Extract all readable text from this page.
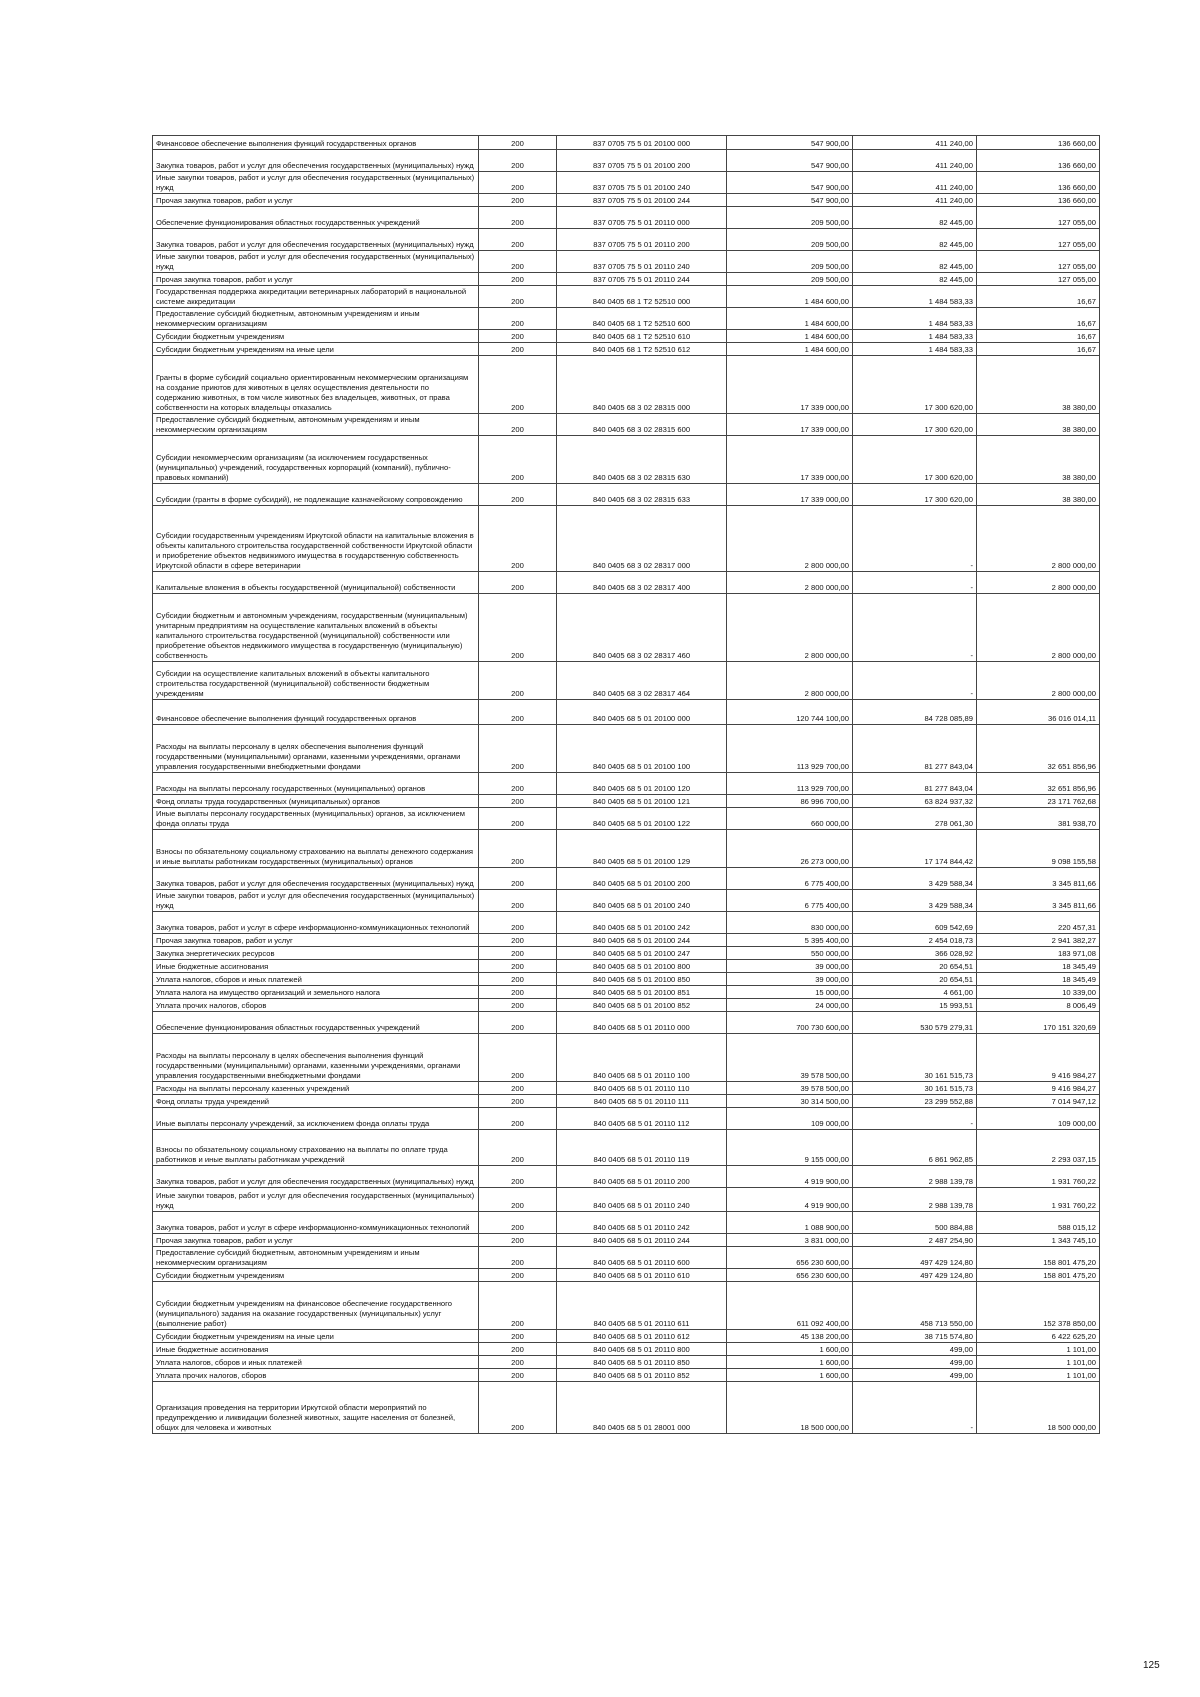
Финансовое обеспечение выполнения функций государственных органов	200	837 0705 75 5 01 20100 000	547 900,00	411 240,00	136 660,00
Закупка товаров, работ и услуг для обеспечения государственных (муниципальных) нужд	200	837 0705 75 5 01 20100 200	547 900,00	411 240,00	136 660,00
Иные закупки товаров, работ и услуг для обеспечения государственных (муниципальных) нужд	200	837 0705 75 5 01 20100 240	547 900,00	411 240,00	136 660,00
Прочая закупка товаров, работ и услуг	200	837 0705 75 5 01 20100 244	547 900,00	411 240,00	136 660,00
Обеспечение функционирования областных государственных учреждений	200	837 0705 75 5 01 20110 000	209 500,00	82 445,00	127 055,00
Закупка товаров, работ и услуг для обеспечения государственных (муниципальных) нужд	200	837 0705 75 5 01 20110 200	209 500,00	82 445,00	127 055,00
Иные закупки товаров, работ и услуг для обеспечения государственных (муниципальных) нужд	200	837 0705 75 5 01 20110 240	209 500,00	82 445,00	127 055,00
Прочая закупка товаров, работ и услуг	200	837 0705 75 5 01 20110 244	209 500,00	82 445,00	127 055,00
Государственная поддержка аккредитации ветеринарных лабораторий в национальной системе аккредитации	200	840 0405 68 1 Т2 52510 000	1 484 600,00	1 484 583,33	16,67
Предоставление субсидий бюджетным, автономным учреждениям и иным некоммерческим организациям	200	840 0405 68 1 Т2 52510 600	1 484 600,00	1 484 583,33	16,67
Субсидии бюджетным учреждениям	200	840 0405 68 1 Т2 52510 610	1 484 600,00	1 484 583,33	16,67
Субсидии бюджетным учреждениям на иные цели	200	840 0405 68 1 Т2 52510 612	1 484 600,00	1 484 583,33	16,67
Гранты в форме субсидий социально ориентированным некоммерческим организациям на создание приютов для животных в целях осуществления деятельности по содержанию животных, в том числе животных без владельцев, животных, от права собственности на которых владельцы отказались	200	840 0405 68 3 02 28315 000	17 339 000,00	17 300 620,00	38 380,00
Предоставление субсидий бюджетным, автономным учреждениям и иным некоммерческим организациям	200	840 0405 68 3 02 28315 600	17 339 000,00	17 300 620,00	38 380,00
Субсидии некоммерческим организациям (за исключением государственных (муниципальных) учреждений, государственных корпораций (компаний), публично-правовых компаний)	200	840 0405 68 3 02 28315 630	17 339 000,00	17 300 620,00	38 380,00
Субсидии (гранты в форме субсидий), не подлежащие казначейскому сопровождению	200	840 0405 68 3 02 28315 633	17 339 000,00	17 300 620,00	38 380,00
Субсидии государственным учреждениям Иркутской области на капитальные вложения в объекты капитального строительства государственной собственности Иркутской области и приобретение объектов недвижимого имущества в государственную собственность Иркутской области в сфере ветеринарии	200	840 0405 68 3 02 28317 000	2 800 000,00	-	2 800 000,00
Капитальные вложения в объекты государственной (муниципальной) собственности	200	840 0405 68 3 02 28317 400	2 800 000,00	-	2 800 000,00
Субсидии бюджетным и автономным учреждениям, государственным (муниципальным) унитарным предприятиям на осуществление капитальных вложений в объекты капитального строительства государственной (муниципальной) собственности или приобретение объектов недвижимого имущества в государственную (муниципальную) собственность	200	840 0405 68 3 02 28317 460	2 800 000,00	-	2 800 000,00
Субсидии на осуществление капитальных вложений в объекты капитального строительства государственной (муниципальной) собственности бюджетным учреждениям	200	840 0405 68 3 02 28317 464	2 800 000,00	-	2 800 000,00
Финансовое обеспечение выполнения функций государственных органов	200	840 0405 68 5 01 20100 000	120 744 100,00	84 728 085,89	36 016 014,11
Расходы на выплаты персоналу в целях обеспечения выполнения функций государственными (муниципальными) органами, казенными учреждениями, органами управления государственными внебюджетными фондами	200	840 0405 68 5 01 20100 100	113 929 700,00	81 277 843,04	32 651 856,96
Расходы на выплаты персоналу государственных (муниципальных) органов	200	840 0405 68 5 01 20100 120	113 929 700,00	81 277 843,04	32 651 856,96
Фонд оплаты труда государственных (муниципальных) органов	200	840 0405 68 5 01 20100 121	86 996 700,00	63 824 937,32	23 171 762,68
Иные выплаты персоналу государственных (муниципальных) органов, за исключением фонда оплаты труда	200	840 0405 68 5 01 20100 122	660 000,00	278 061,30	381 938,70
Взносы по обязательному социальному страхованию на выплаты денежного содержания и иные выплаты работникам государственных (муниципальных) органов	200	840 0405 68 5 01 20100 129	26 273 000,00	17 174 844,42	9 098 155,58
Закупка товаров, работ и услуг для обеспечения государственных (муниципальных) нужд	200	840 0405 68 5 01 20100 200	6 775 400,00	3 429 588,34	3 345 811,66
Иные закупки товаров, работ и услуг для обеспечения государственных (муниципальных) нужд	200	840 0405 68 5 01 20100 240	6 775 400,00	3 429 588,34	3 345 811,66
Закупка товаров, работ и услуг в сфере информационно-коммуникационных технологий	200	840 0405 68 5 01 20100 242	830 000,00	609 542,69	220 457,31
Прочая закупка товаров, работ и услуг	200	840 0405 68 5 01 20100 244	5 395 400,00	2 454 018,73	2 941 382,27
Закупка энергетических ресурсов	200	840 0405 68 5 01 20100 247	550 000,00	366 028,92	183 971,08
Иные бюджетные ассигнования	200	840 0405 68 5 01 20100 800	39 000,00	20 654,51	18 345,49
Уплата налогов, сборов и иных платежей	200	840 0405 68 5 01 20100 850	39 000,00	20 654,51	18 345,49
Уплата налога на имущество организаций и земельного налога	200	840 0405 68 5 01 20100 851	15 000,00	4 661,00	10 339,00
Уплата прочих налогов, сборов	200	840 0405 68 5 01 20100 852	24 000,00	15 993,51	8 006,49
Обеспечение функционирования областных государственных учреждений	200	840 0405 68 5 01 20110 000	700 730 600,00	530 579 279,31	170 151 320,69
Расходы на выплаты персоналу в целях обеспечения выполнения функций государственными (муниципальными) органами, казенными учреждениями, органами управления государственными внебюджетными фондами	200	840 0405 68 5 01 20110 100	39 578 500,00	30 161 515,73	9 416 984,27
Расходы на выплаты персоналу казенных учреждений	200	840 0405 68 5 01 20110 110	39 578 500,00	30 161 515,73	9 416 984,27
Фонд оплаты труда учреждений	200	840 0405 68 5 01 20110 111	30 314 500,00	23 299 552,88	7 014 947,12
Иные выплаты персоналу учреждений, за исключением фонда оплаты труда	200	840 0405 68 5 01 20110 112	109 000,00	-	109 000,00
Взносы по обязательному социальному страхованию на выплаты по оплате труда работников и иные выплаты работникам учреждений	200	840 0405 68 5 01 20110 119	9 155 000,00	6 861 962,85	2 293 037,15
Закупка товаров, работ и услуг для обеспечения государственных (муниципальных) нужд	200	840 0405 68 5 01 20110 200	4 919 900,00	2 988 139,78	1 931 760,22
Иные закупки товаров, работ и услуг для обеспечения государственных (муниципальных) нужд	200	840 0405 68 5 01 20110 240	4 919 900,00	2 988 139,78	1 931 760,22
Закупка товаров, работ и услуг в сфере информационно-коммуникационных технологий	200	840 0405 68 5 01 20110 242	1 088 900,00	500 884,88	588 015,12
Прочая закупка товаров, работ и услуг	200	840 0405 68 5 01 20110 244	3 831 000,00	2 487 254,90	1 343 745,10
Предоставление субсидий бюджетным, автономным учреждениям и иным некоммерческим организациям	200	840 0405 68 5 01 20110 600	656 230 600,00	497 429 124,80	158 801 475,20
Субсидии бюджетным учреждениям	200	840 0405 68 5 01 20110 610	656 230 600,00	497 429 124,80	158 801 475,20
Субсидии бюджетным учреждениям на финансовое обеспечение государственного (муниципального) задания на оказание государственных (муниципальных) услуг (выполнение работ)	200	840 0405 68 5 01 20110 611	611 092 400,00	458 713 550,00	152 378 850,00
Субсидии бюджетным учреждениям на иные цели	200	840 0405 68 5 01 20110 612	45 138 200,00	38 715 574,80	6 422 625,20
Иные бюджетные ассигнования	200	840 0405 68 5 01 20110 800	1 600,00	499,00	1 101,00
Уплата налогов, сборов и иных платежей	200	840 0405 68 5 01 20110 850	1 600,00	499,00	1 101,00
Уплата прочих налогов, сборов	200	840 0405 68 5 01 20110 852	1 600,00	499,00	1 101,00
Организация проведения на территории Иркутской области мероприятий по предупреждению и ликвидации болезней животных, защите населения от болезней, общих для человека и животных	200	840 0405 68 5 01 28001 000	18 500 000,00	-	18 500 000,00
125
